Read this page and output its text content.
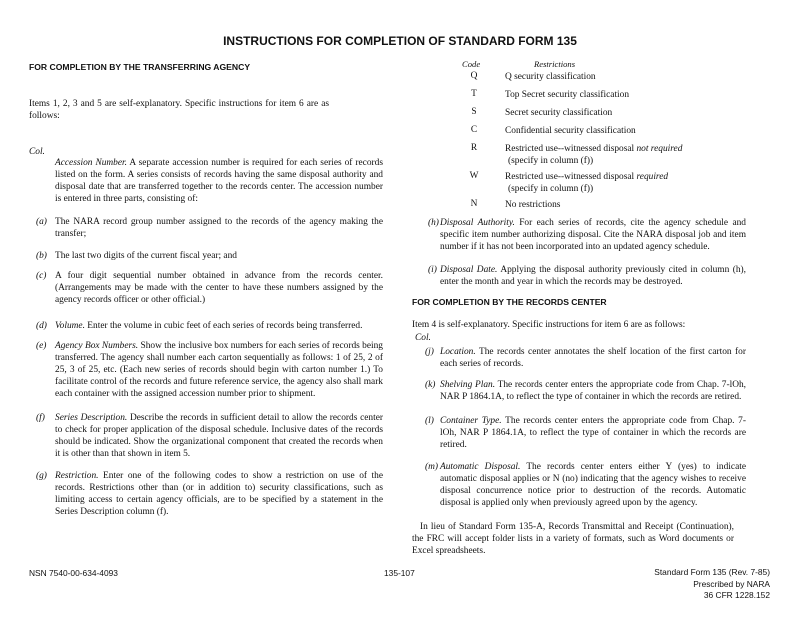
INSTRUCTIONS FOR COMPLETION OF STANDARD FORM 135
FOR COMPLETION BY THE TRANSFERRING AGENCY
Items 1, 2, 3 and 5 are self-explanatory. Specific instructions for item 6 are as follows:
Col.
Accession Number. A separate accession number is required for each series of records listed on the form. A series consists of records having the same disposal authority and disposal date that are transferred together to the records center. The accession number is entered in three parts, consisting of:
(a) The NARA record group number assigned to the records of the agency making the transfer;
(b) The last two digits of the current fiscal year; and
(c) A four digit sequential number obtained in advance from the records center. (Arrangements may be made with the center to have these numbers assigned by the agency records officer or other official.)
(d) Volume. Enter the volume in cubic feet of each series of records being transferred.
(e) Agency Box Numbers. Show the inclusive box numbers for each series of records being transferred. The agency shall number each carton sequentially as follows: 1 of 25, 2 of 25, 3 of 25, etc. (Each new series of records should begin with carton number 1.) To facilitate control of the records and future reference service, the agency also shall mark each container with the assigned accession number prior to shipment.
(f) Series Description. Describe the records in sufficient detail to allow the records center to check for proper application of the disposal schedule. Inclusive dates of the records should be indicated. Show the organizational component that created the records when it is other than that shown in item 5.
(g) Restriction. Enter one of the following codes to show a restriction on use of the records. Restrictions other than (or in addition to) security classifications, such as limiting access to certain agency officials, are to be specified by a statement in the Series Description column (f).
Code	Restrictions
Q	Q security classification
T	Top Secret security classification
S	Secret security classification
C	Confidential security classification
R	Restricted use--witnessed disposal not required
(specify in column (f))
W	Restricted use--witnessed disposal required
(specify in column (f))
N	No restrictions
(h) Disposal Authority. For each series of records, cite the agency schedule and specific item number authorizing disposal. Cite the NARA disposal job and item number if it has not been incorporated into an updated agency schedule.
(i) Disposal Date. Applying the disposal authority previously cited in column (h), enter the month and year in which the records may be destroyed.
FOR COMPLETION BY THE RECORDS CENTER
Item 4 is self-explanatory. Specific instructions for item 6 are as follows:
Col.
(j) Location. The records center annotates the shelf location of the first carton for each series of records.
(k) Shelving Plan. The records center enters the appropriate code from Chap. 7-lOh, NAR P 1864.1A, to reflect the type of container in which the records are retired.
(l) Container Type. The records center enters the appropriate code from Chap. 7-lOh, NAR P 1864.1A, to reflect the type of container in which the records are retired.
(m) Automatic Disposal. The records center enters either Y (yes) to indicate automatic disposal applies or N (no) indicating that the agency wishes to receive disposal concurrence notice prior to destruction of the records. Automatic disposal is applied only when previously agreed upon by the agency.
In lieu of Standard Form 135-A, Records Transmittal and Receipt (Continuation), the FRC will accept folder lists in a variety of formats, such as Word documents or Excel spreadsheets.
NSN 7540-00-634-4093	135-107	Standard Form 135 (Rev. 7-85)
Prescribed by NARA
36 CFR 1228.152
